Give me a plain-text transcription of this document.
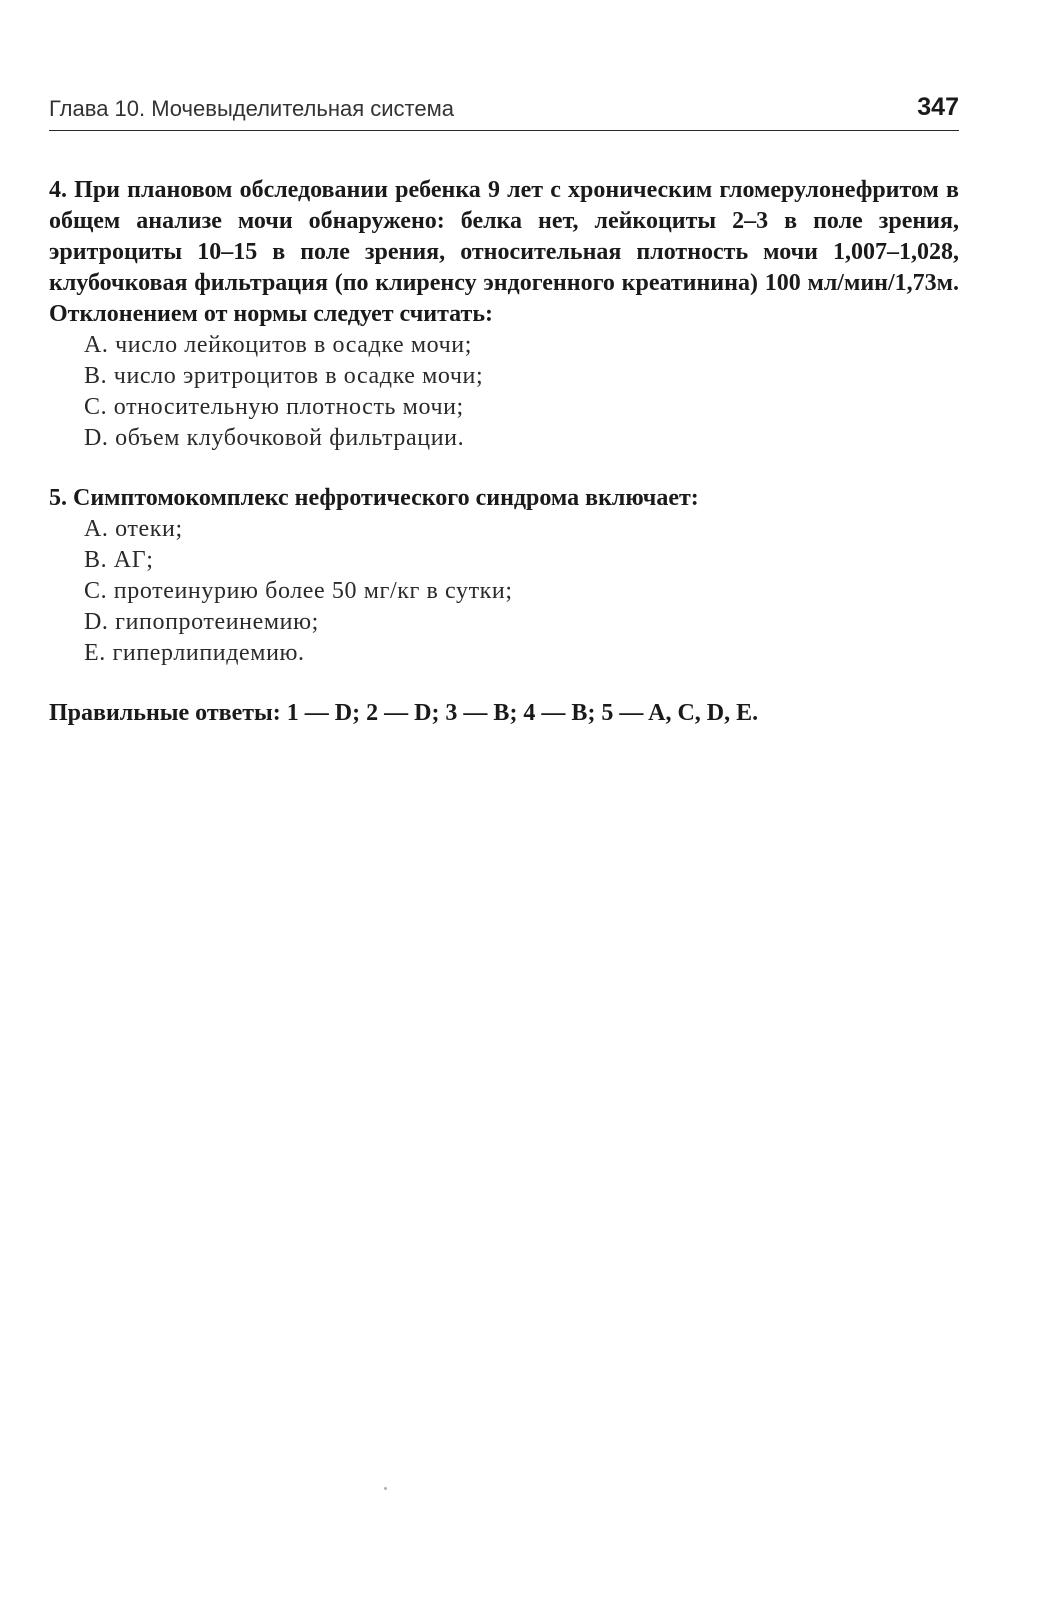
Глава 10. Мочевыделительная система	347

4. При плановом обследовании ребенка 9 лет с хроническим гломерулонефритом в общем анализе мочи обнаружено: белка нет, лейкоциты 2–3 в поле зрения, эритроциты 10–15 в поле зрения, относительная плотность мочи 1,007–1,028, клубочковая фильтрация (по клиренсу эндогенного креатинина) 100 мл/мин/1,73м. Отклонением от нормы следует считать:

A. число лейкоцитов в осадке мочи;
B. число эритроцитов в осадке мочи;
C. относительную плотность мочи;
D. объем клубочковой фильтрации.

5. Симптомокомплекс нефротического синдрома включает:

A. отеки;
B. АГ;
C. протеинурию более 50 мг/кг в сутки;
D. гипопротеинемию;
E. гиперлипидемию.
Правильные ответы: 1 — D; 2 — D; 3 — B; 4 — B; 5 — A, C, D, E.
